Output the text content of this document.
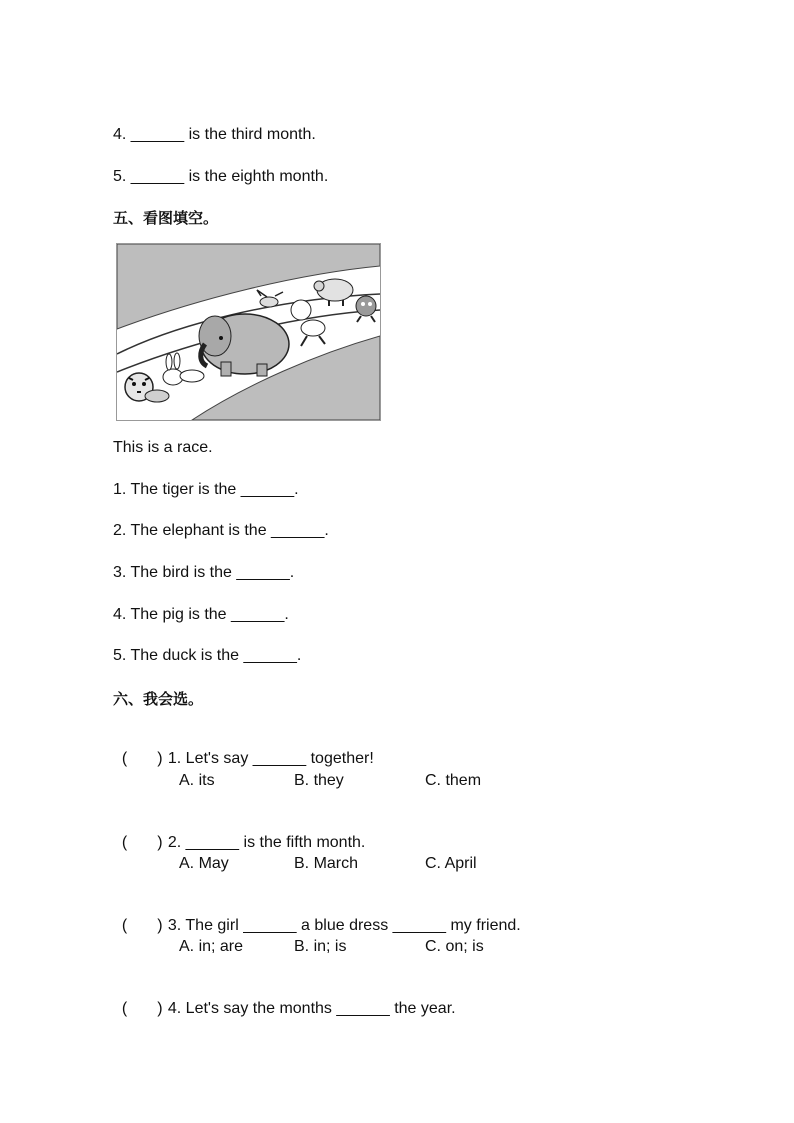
4. ______ is the third month.
5. ______ is the eighth month.
五、看图填空。
This is a race.
1. The tiger is the ______.
2. The elephant is the ______.
3. The bird is the ______.
4. The pig is the ______.
5. The duck is the ______.
六、我会选。

( ) 1. Let's say ______ together!

A. its	B. they	C. them

( ) 2. ______ is the fifth month.

A. May	B. March	C. April

( ) 3. The girl ______ a blue dress ______ my friend.

A. in; are	B. in; is	C. on; is

( ) 4. Let's say the months ______ the year.
